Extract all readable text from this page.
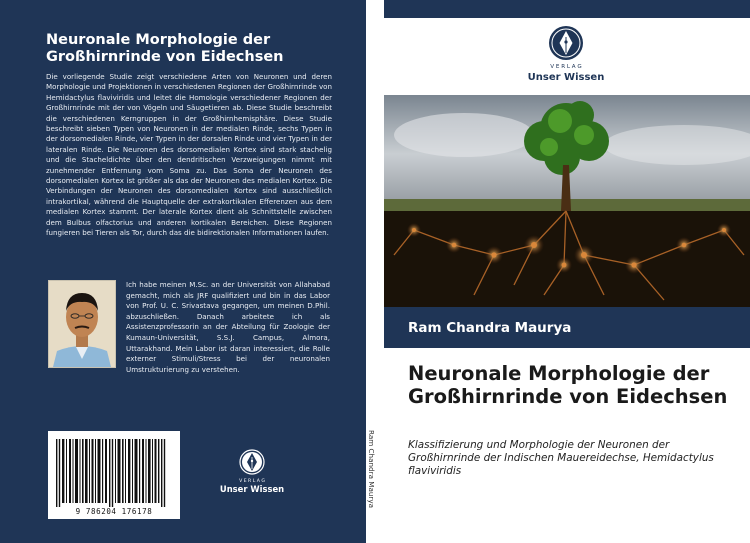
Neuronale Morphologie der Großhirnrinde von Eidechsen
Die vorliegende Studie zeigt verschiedene Arten von Neuronen und deren Morphologie und Projektionen in verschiedenen Regionen der Großhirnrinde von Hemidactylus flaviviridis und leitet die Homologie verschiedener Regionen der Großhirnrinde mit der von Vögeln und Säugetieren ab. Diese Studie beschreibt die verschiedenen Kerngruppen in der Großhirnhemisphäre. Diese Studie beschreibt sieben Typen von Neuronen in der medialen Rinde, sechs Typen in der dorsomedialen Rinde, vier Typen in der dorsalen Rinde und vier Typen in der lateralen Rinde. Die Neuronen des dorsomedialen Kortex sind stark stachelig und die Stacheldichte über den dendritischen Verzweigungen nimmt mit zunehmender Entfernung vom Soma zu. Das Soma der Neuronen des dorsomedialen Kortex ist größer als das der Neuronen des medialen Kortex. Die Verbindungen der Neuronen des dorsomedialen Kortex sind ausschließlich intrakortikal, während die Hauptquelle der extrakortikalen Efferenzen aus dem medialen Kortex stammt. Der laterale Kortex dient als Schnittstelle zwischen dem Bulbus olfactorius und anderen kortikalen Bereichen. Diese Regionen fungieren bei Tieren als Tor, durch das die bidirektionalen Informationen laufen.
Ich habe meinen M.Sc. an der Universität von Allahabad gemacht, mich als JRF qualifiziert und bin in das Labor von Prof. U. C. Srivastava gegangen, um meinen D.Phil. abzuschließen. Danach arbeitete ich als Assistenzprofessorin an der Abteilung für Zoologie der Kumaun-Universität, S.S.J. Campus, Almora, Uttarakhand. Mein Labor ist daran interessiert, die Rolle externer Stimuli/Stress bei der neuronalen Umstrukturierung zu verstehen.
9 786204 176178
V E R L A G
Unser Wissen	Ram Chandra Maurya
V E R L A G
Unser Wissen
Ram Chandra Maurya
Neuronale Morphologie der Großhirnrinde von Eidechsen
Klassifizierung und Morphologie der Neuronen der Großhirnrinde der Indischen Mauereidechse, Hemidactylus flaviviridis
